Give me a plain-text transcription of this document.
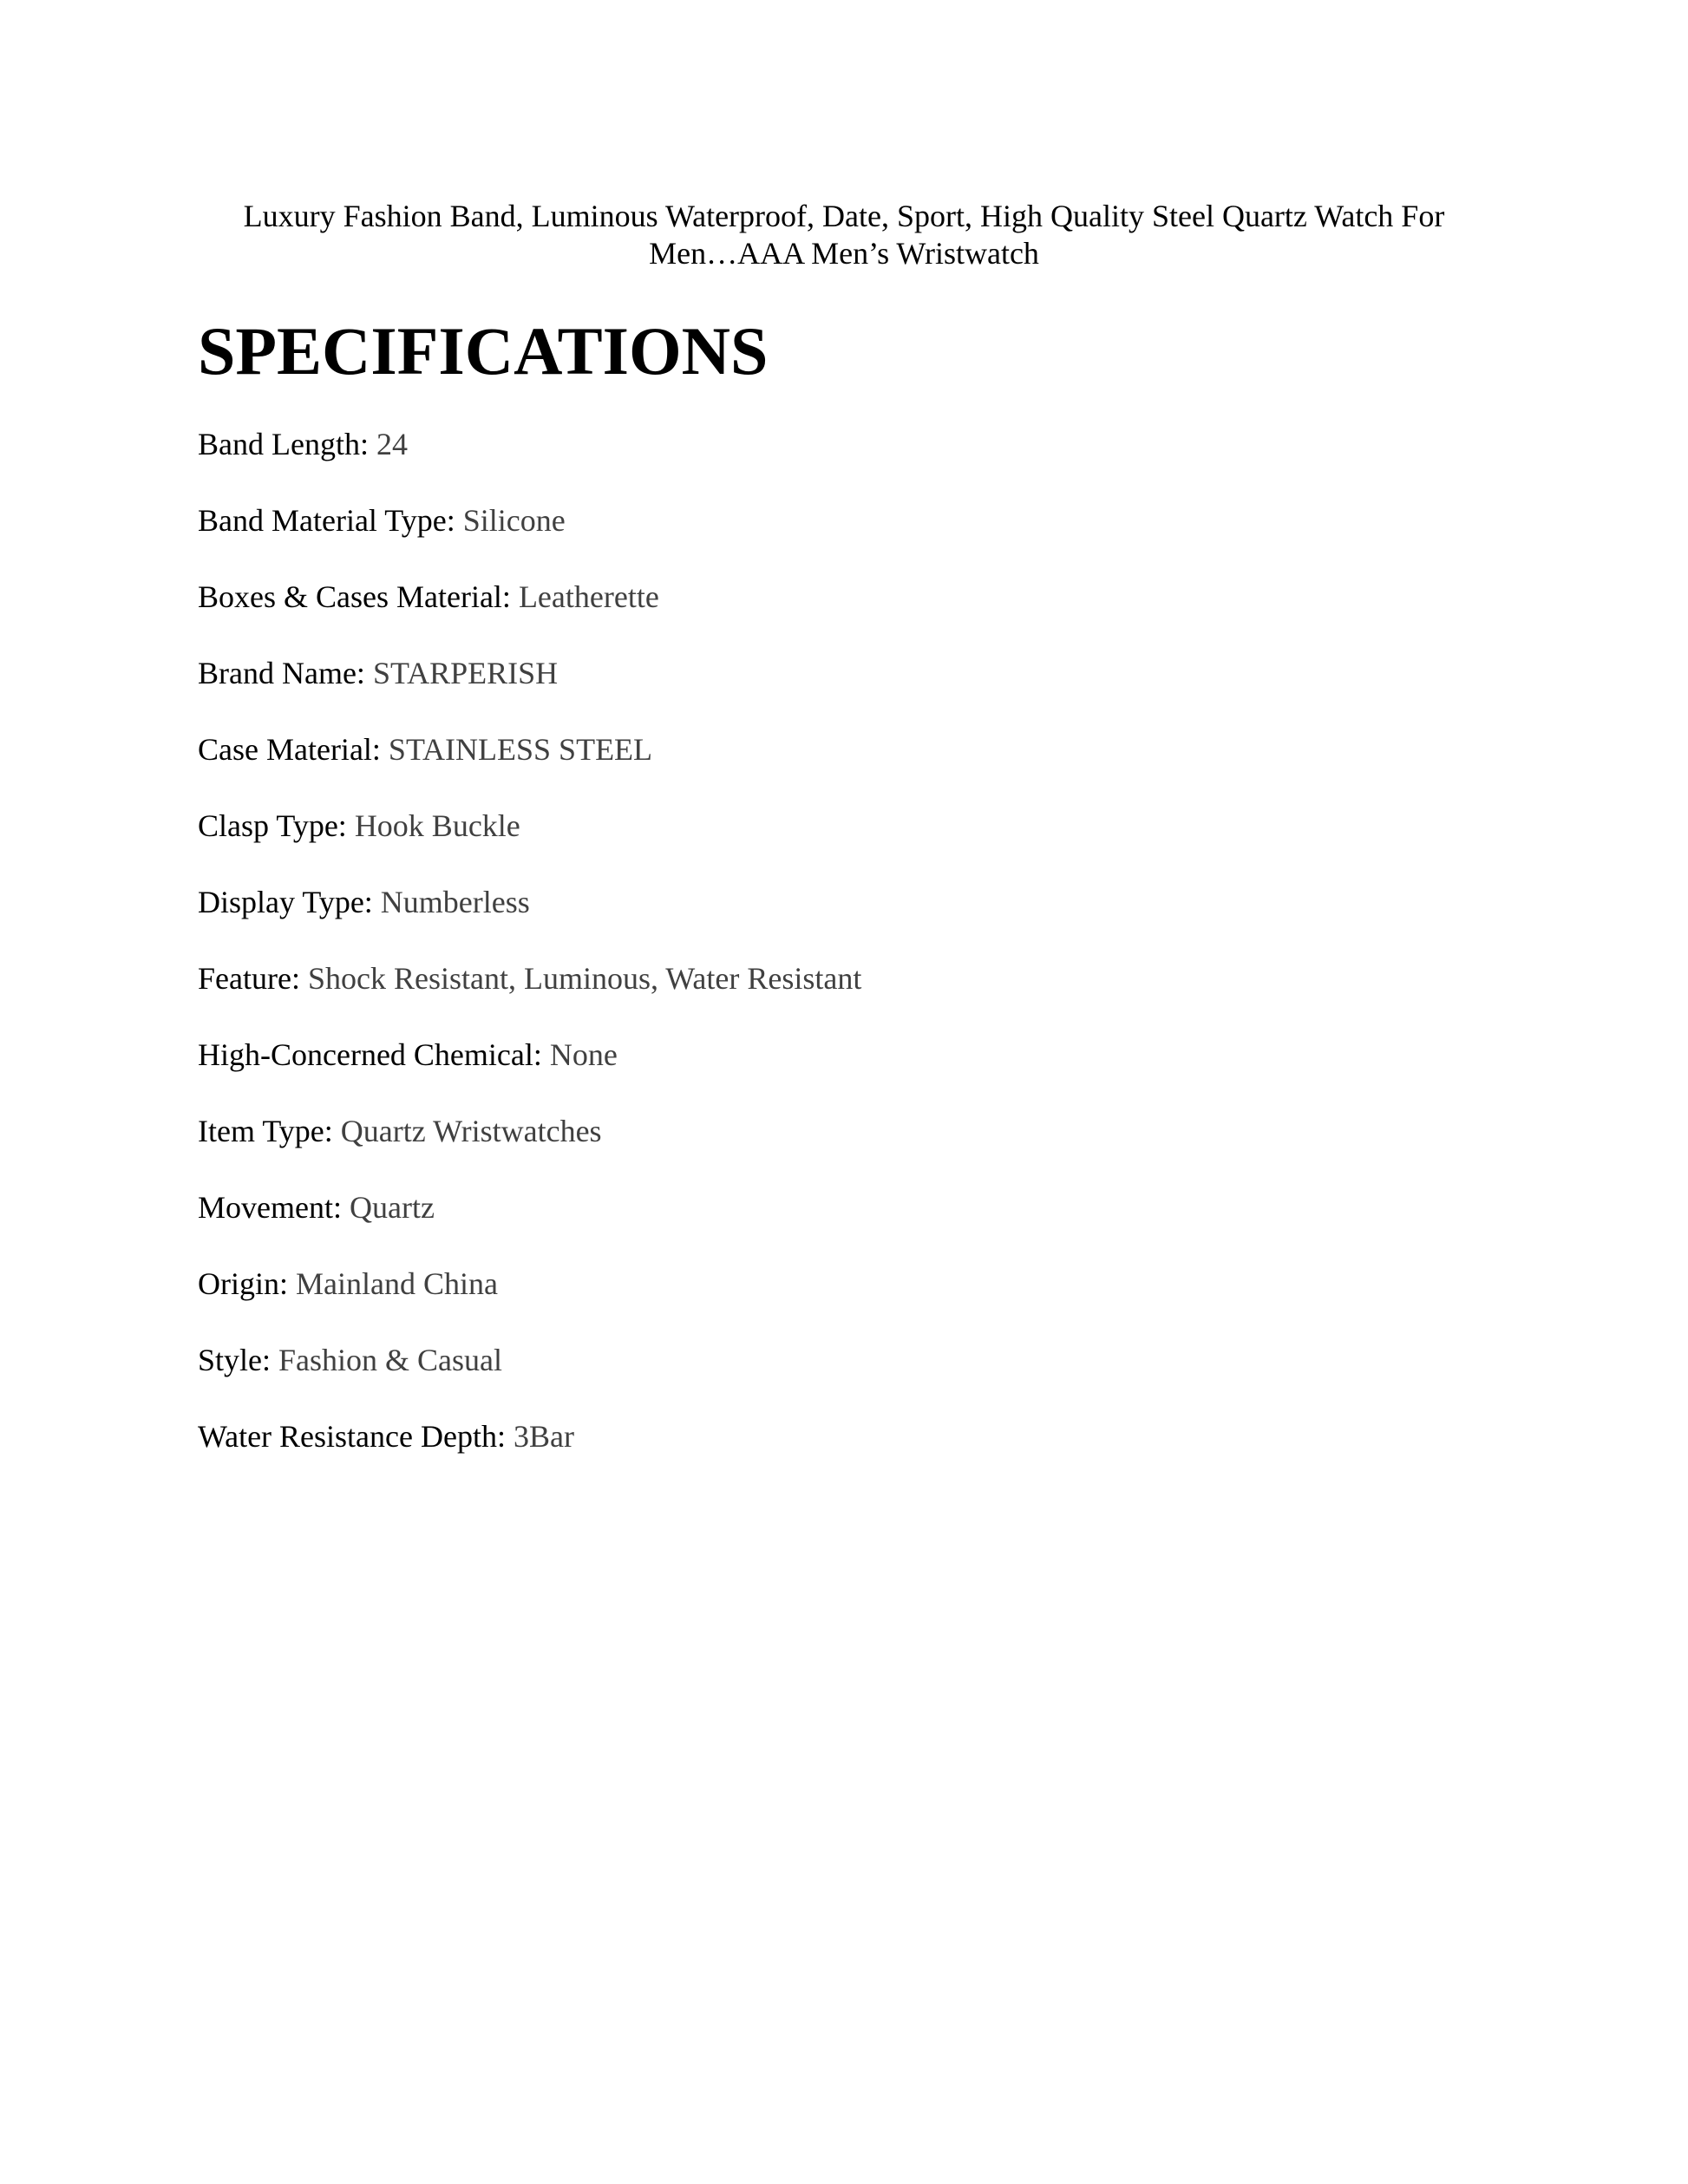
Luxury Fashion Band, Luminous Waterproof, Date, Sport, High Quality Steel Quartz Watch For
Men…AAA Men’s Wristwatch
SPECIFICATIONS
Band Length: 24
Band Material Type: Silicone
Boxes & Cases Material: Leatherette
Brand Name: STARPERISH
Case Material: STAINLESS STEEL
Clasp Type: Hook Buckle
Display Type: Numberless
Feature: Shock Resistant, Luminous, Water Resistant
High-Concerned Chemical: None
Item Type: Quartz Wristwatches
Movement: Quartz
Origin: Mainland China
Style: Fashion & Casual
Water Resistance Depth: 3Bar
